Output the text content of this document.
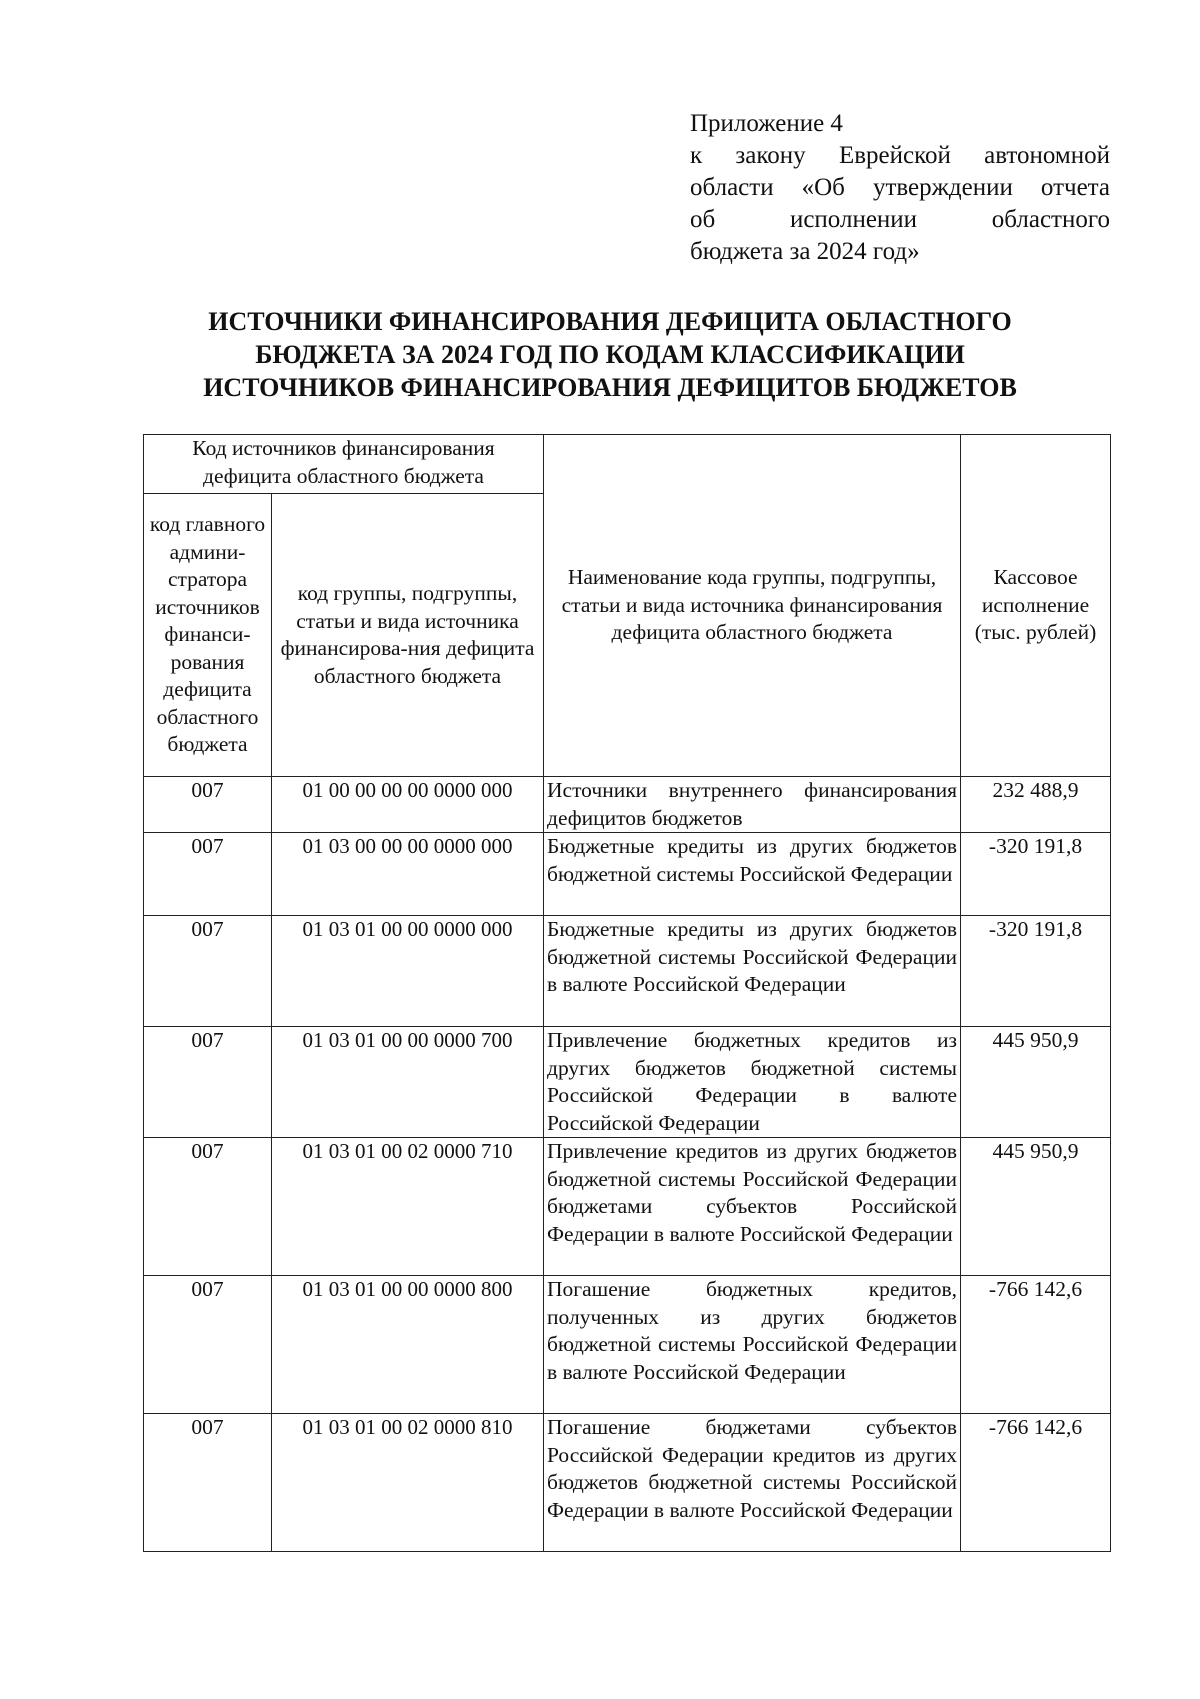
Приложение 4
к закону Еврейской автономной
области «Об утверждении отчета
об исполнении областного
бюджета за 2024 год»
ИСТОЧНИКИ ФИНАНСИРОВАНИЯ ДЕФИЦИТА ОБЛАСТНОГО
БЮДЖЕТА ЗА 2024 ГОД ПО КОДАМ КЛАССИФИКАЦИИ
ИСТОЧНИКОВ ФИНАНСИРОВАНИЯ ДЕФИЦИТОВ БЮДЖЕТОВ
Код источников финансирования дефицита областного бюджета		Наименование кода группы, подгруппы, статьи и вида источника финансирования дефицита областного бюджета	Кассовое исполнение (тыс. рублей)
код главного админи-стратора источников финанси-рования дефицита областного бюджета	код группы, подгруппы, статьи и вида источника финансирова-ния дефицита областного бюджета		
007	01 00 00 00 00 0000 000	Источники внутреннего финансирования дефицитов бюджетов	232 488,9
007	01 03 00 00 00 0000 000	Бюджетные кредиты из других бюджетов бюджетной системы Российской Федерации	-320 191,8
007	01 03 01 00 00 0000 000	Бюджетные кредиты из других бюджетов бюджетной системы Российской Федерации в валюте Российской Федерации	-320 191,8
007	01 03 01 00 00 0000 700	Привлечение бюджетных кредитов из других бюджетов бюджетной системы Российской Федерации в валюте Российской Федерации	445 950,9
007	01 03 01 00 02 0000 710	Привлечение кредитов из других бюджетов бюджетной системы Российской Федерации бюджетами субъектов Российской Федерации в валюте Российской Федерации	445 950,9
007	01 03 01 00 00 0000 800	Погашение бюджетных кредитов, полученных из других бюджетов бюджетной системы Российской Федерации в валюте Российской Федерации	-766 142,6
007	01 03 01 00 02 0000 810	Погашение бюджетами субъектов Российской Федерации кредитов из других бюджетов бюджетной системы Российской Федерации в валюте Российской Федерации	-766 142,6
